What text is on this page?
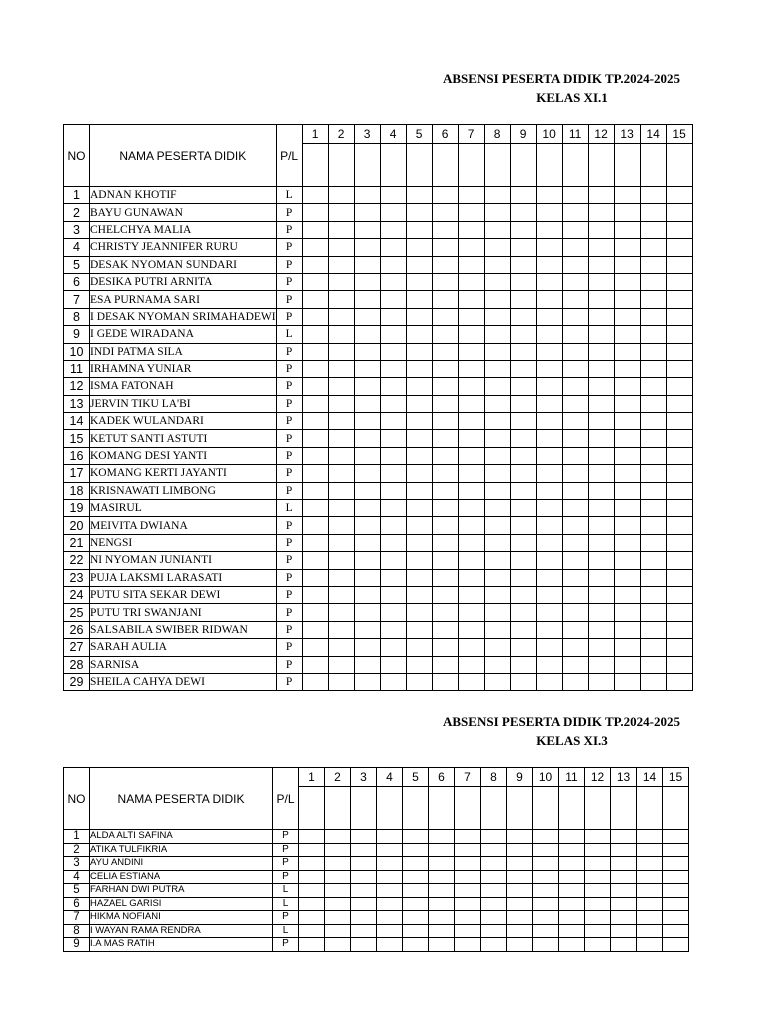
ABSENSI PESERTA DIDIK TP.2024-2025
KELAS XI.1
NO	NAMA PESERTA DIDIK	P/L	1	2	3	4	5	6	7	8	9	10	11	12	13	14	15

1	ADNAN KHOTIF	L															
2	BAYU GUNAWAN	P															
3	CHELCHYA MALIA	P															
4	CHRISTY JEANNIFER RURU	P															
5	DESAK NYOMAN SUNDARI	P															
6	DESIKA PUTRI ARNITA	P															
7	ESA PURNAMA SARI	P															
8	I DESAK NYOMAN SRIMAHADEWI	P															
9	I GEDE WIRADANA	L															
10	INDI PATMA SILA	P															
11	IRHAMNA YUNIAR	P															
12	ISMA FATONAH	P															
13	JERVIN TIKU LA'BI	P															
14	KADEK WULANDARI	P															
15	KETUT SANTI ASTUTI	P															
16	KOMANG DESI YANTI	P															
17	KOMANG KERTI JAYANTI	P															
18	KRISNAWATI LIMBONG	P															
19	MASIRUL	L															
20	MEIVITA DWIANA	P															
21	NENGSI	P															
22	NI NYOMAN JUNIANTI	P															
23	PUJA LAKSMI LARASATI	P															
24	PUTU SITA SEKAR DEWI	P															
25	PUTU TRI SWANJANI	P															
26	SALSABILA SWIBER RIDWAN	P															
27	SARAH AULIA	P															
28	SARNISA	P															
29	SHEILA CAHYA DEWI	P															
ABSENSI PESERTA DIDIK TP.2024-2025
KELAS XI.3
NO	NAMA PESERTA DIDIK	P/L	1	2	3	4	5	6	7	8	9	10	11	12	13	14	15

1	ALDA ALTI SAFINA	P															
2	ATIKA TULFIKRIA	P															
3	AYU ANDINI	P															
4	CELIA ESTIANA	P															
5	FARHAN DWI PUTRA	L															
6	HAZAEL GARISI	L															
7	HIKMA NOFIANI	P															
8	I WAYAN RAMA RENDRA	L															
9	I.A MAS RATIH	P															
